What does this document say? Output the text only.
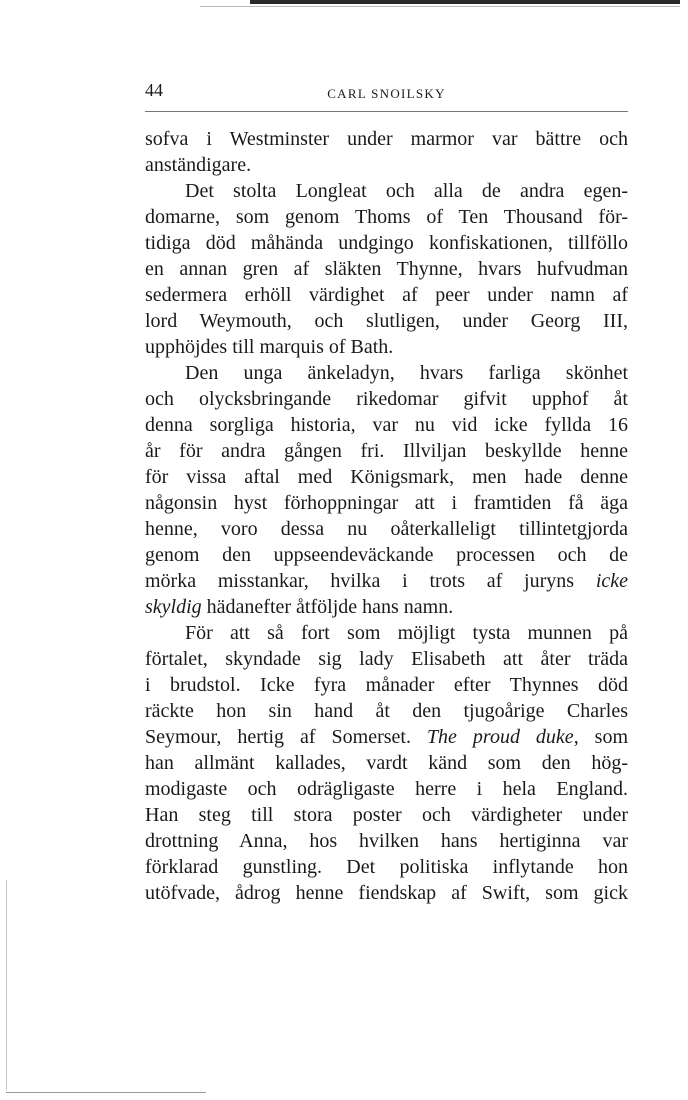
44	CARL SNOILSKY
sofva i Westminster under marmor var bättre och
anständigare.
Det stolta Longleat och alla de andra egen-
domarne, som genom Thoms of Ten Thousand för-
tidiga död måhända undgingo konfiskationen, tillföllo
en annan gren af släkten Thynne, hvars hufvudman
sedermera erhöll värdighet af peer under namn af
lord Weymouth, och slutligen, under Georg III,
upphöjdes till marquis of Bath.
Den unga änkeladyn, hvars farliga skönhet
och olycksbringande rikedomar gifvit upphof åt
denna sorgliga historia, var nu vid icke fyllda 16
år för andra gången fri. Illviljan beskyllde henne
för vissa aftal med Königsmark, men hade denne
någonsin hyst förhoppningar att i framtiden få äga
henne, voro dessa nu oåterkalleligt tillintetgjorda
genom den uppseendeväckande processen och de
mörka misstankar, hvilka i trots af juryns icke
skyldig hädanefter åtföljde hans namn.
För att så fort som möjligt tysta munnen på
förtalet, skyndade sig lady Elisabeth att åter träda
i brudstol. Icke fyra månader efter Thynnes död
räckte hon sin hand åt den tjugoårige Charles
Seymour, hertig af Somerset. The proud duke, som
han allmänt kallades, vardt känd som den hög-
modigaste och odrägligaste herre i hela England.
Han steg till stora poster och värdigheter under
drottning Anna, hos hvilken hans hertiginna var
förklarad gunstling. Det politiska inflytande hon
utöfvade, ådrog henne fiendskap af Swift, som gick
